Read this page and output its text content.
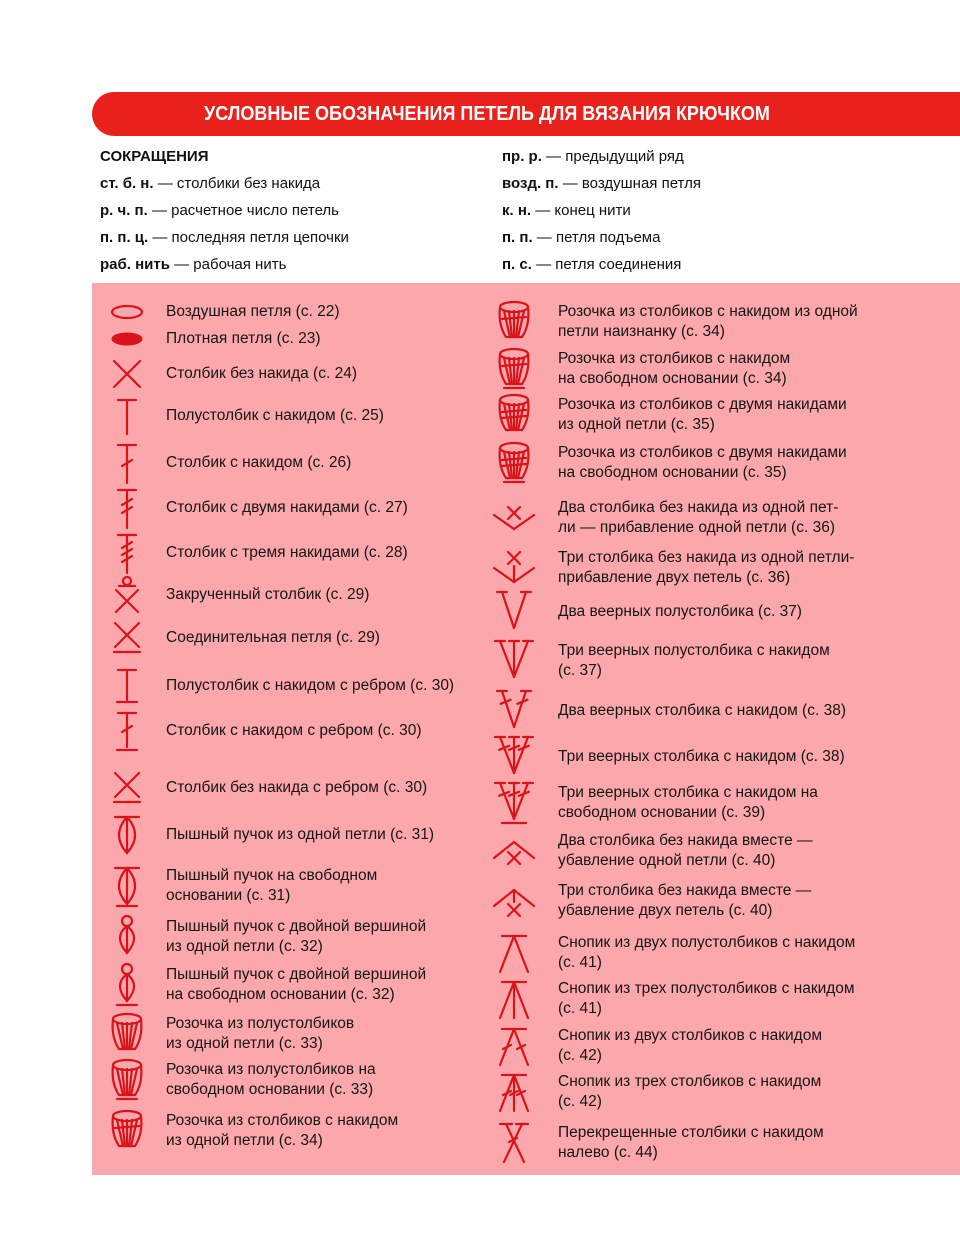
УСЛОВНЫЕ ОБОЗНАЧЕНИЯ ПЕТЕЛЬ ДЛЯ ВЯЗАНИЯ КРЮЧКОМ
СОКРАЩЕНИЯ
ст. б. н. — столбики без накида
р. ч. п. — расчетное число петель
п. п. ц. — последняя петля цепочки
раб. нить — рабочая нить
пр. р. — предыдущий ряд
возд. п. — воздушная петля
к. н. — конец нити
п. п. — петля подъема
п. с. — петля соединения
Воздушная петля (с. 22)
Плотная петля (с. 23)
Столбик без накида (с. 24)
Полустолбик с накидом (с. 25)
Столбик с накидом (с. 26)
Столбик с двумя накидами (с. 27)
Столбик с тремя накидами (с. 28)
Закрученный столбик (с. 29)
Соединительная петля (с. 29)
Полустолбик с накидом с ребром (с. 30)
Столбик с накидом с ребром (с. 30)
Столбик без накида с ребром (с. 30)
Пышный пучок из одной петли (с. 31)
Пышный пучок на свободном
основании (с. 31)
Пышный пучок с двойной вершиной
из одной петли (с. 32)
Пышный пучок с двойной вершиной
на свободном основании (с. 32)
Розочка из полустолбиков
из одной петли (с. 33)
Розочка из полустолбиков на
свободном основании (с. 33)
Розочка из столбиков с накидом
из одной петли (с. 34)
Розочка из столбиков с накидом из одной
петли наизнанку (с. 34)
Розочка из столбиков с накидом
на свободном основании (с. 34)
Розочка из столбиков с двумя накидами
из одной петли (с. 35)
Розочка из столбиков с двумя накидами
на свободном основании (с. 35)
Два столбика без накида из одной пет-
ли — прибавление одной петли (с. 36)
Три столбика без накида из одной петли-
прибавление двух петель (с. 36)
Два веерных полустолбика (с. 37)
Три веерных полустолбика с накидом
(с. 37)
Два веерных столбика с накидом (с. 38)
Три веерных столбика с накидом (с. 38)
Три веерных столбика с накидом на
свободном основании (с. 39)
Два столбика без накида вместе —
убавление одной петли (с. 40)
Три столбика без накида вместе —
убавление двух петель (с. 40)
Снопик из двух полустолбиков с накидом
(с. 41)
Снопик из трех полустолбиков с накидом
(с. 41)
Снопик из двух столбиков с накидом
(с. 42)
Снопик из трех столбиков с накидом
(с. 42)
Перекрещенные столбики с накидом
налево (с. 44)
